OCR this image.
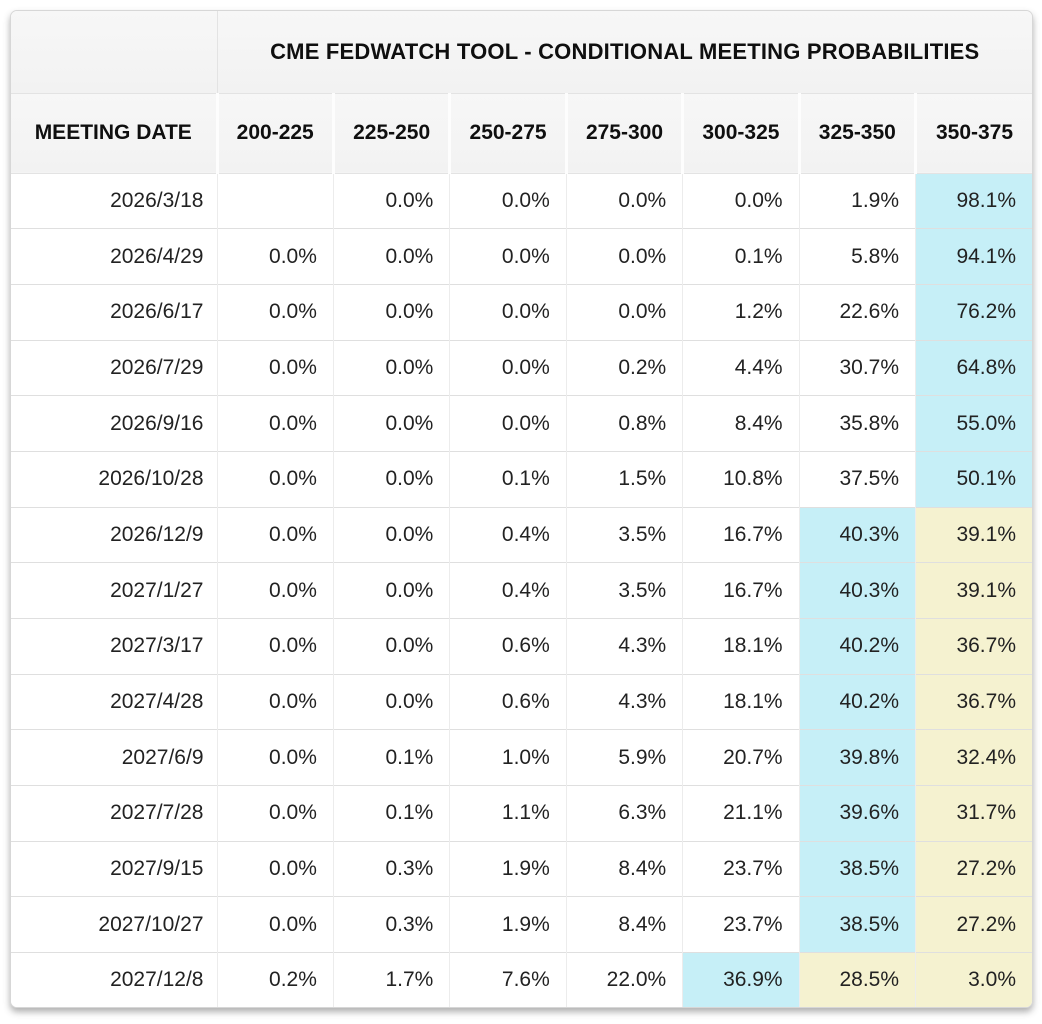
	CME FEDWATCH TOOL - CONDITIONAL MEETING PROBABILITIES						
MEETING DATE	200-225	225-250	250-275	275-300	300-325	325-350	350-375
2026/3/18		0.0%	0.0%	0.0%	0.0%	1.9%	98.1%
2026/4/29	0.0%	0.0%	0.0%	0.0%	0.1%	5.8%	94.1%
2026/6/17	0.0%	0.0%	0.0%	0.0%	1.2%	22.6%	76.2%
2026/7/29	0.0%	0.0%	0.0%	0.2%	4.4%	30.7%	64.8%
2026/9/16	0.0%	0.0%	0.0%	0.8%	8.4%	35.8%	55.0%
2026/10/28	0.0%	0.0%	0.1%	1.5%	10.8%	37.5%	50.1%
2026/12/9	0.0%	0.0%	0.4%	3.5%	16.7%	40.3%	39.1%
2027/1/27	0.0%	0.0%	0.4%	3.5%	16.7%	40.3%	39.1%
2027/3/17	0.0%	0.0%	0.6%	4.3%	18.1%	40.2%	36.7%
2027/4/28	0.0%	0.0%	0.6%	4.3%	18.1%	40.2%	36.7%
2027/6/9	0.0%	0.1%	1.0%	5.9%	20.7%	39.8%	32.4%
2027/7/28	0.0%	0.1%	1.1%	6.3%	21.1%	39.6%	31.7%
2027/9/15	0.0%	0.3%	1.9%	8.4%	23.7%	38.5%	27.2%
2027/10/27	0.0%	0.3%	1.9%	8.4%	23.7%	38.5%	27.2%
2027/12/8	0.2%	1.7%	7.6%	22.0%	36.9%	28.5%	3.0%
